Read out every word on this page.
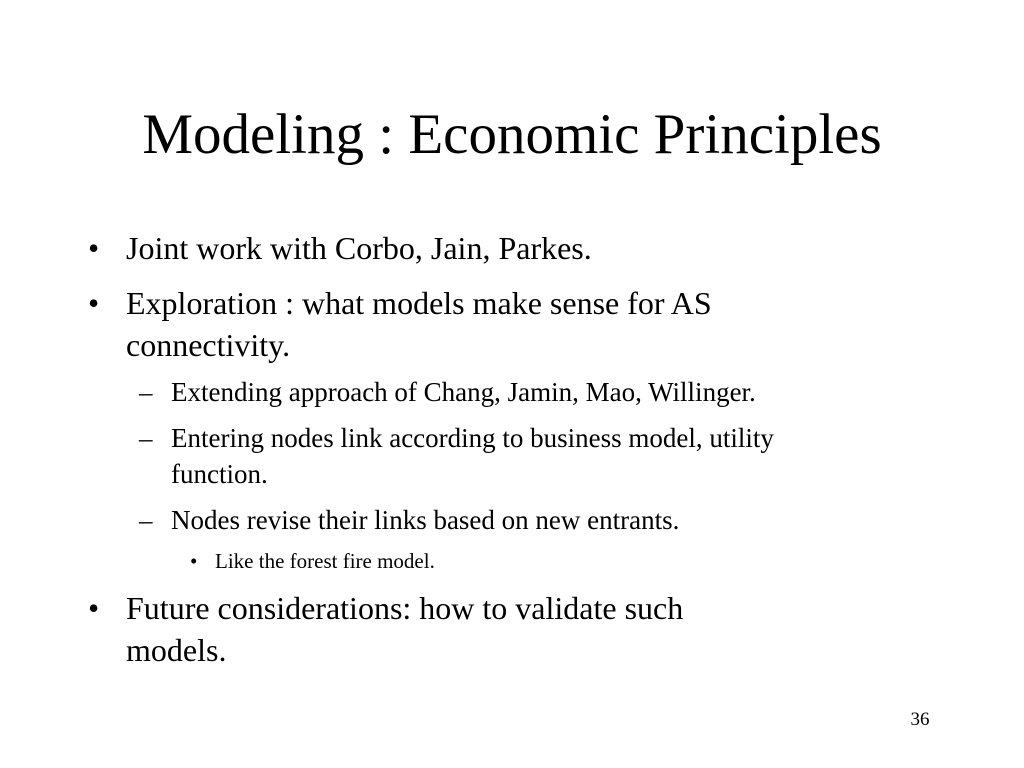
Modeling : Economic Principles
• Joint work with Corbo, Jain, Parkes.
• Exploration : what models make sense for AS
connectivity.
– Extending approach of Chang, Jamin, Mao, Willinger.
– Entering nodes link according to business model, utility
function.
– Nodes revise their links based on new entrants.
• Like the forest fire model.
• Future considerations: how to validate such
models.
36
